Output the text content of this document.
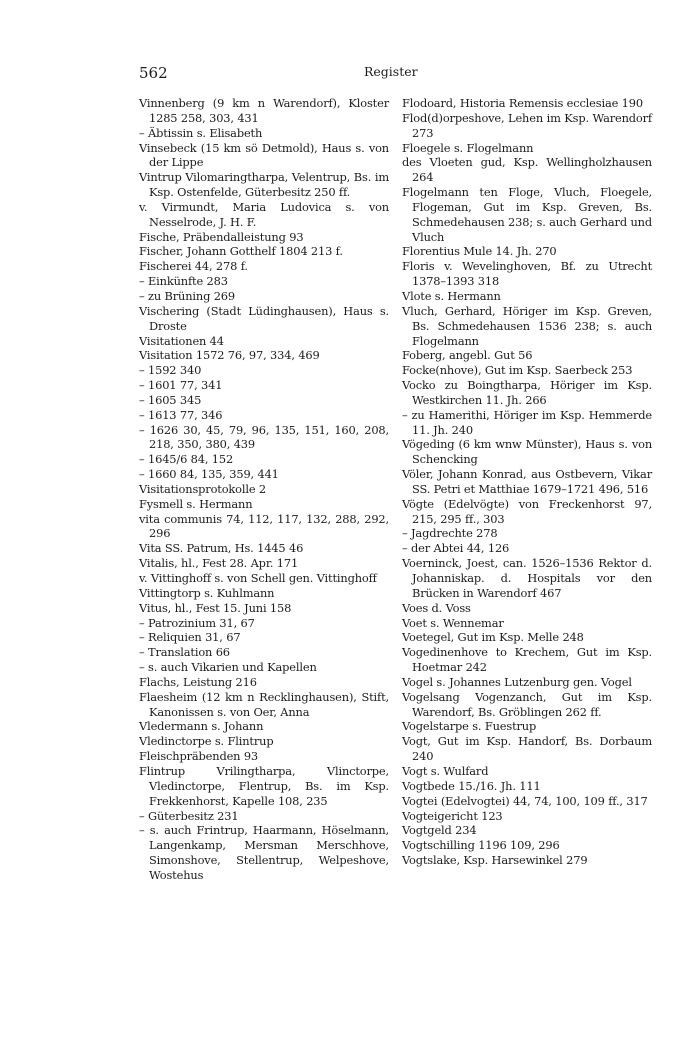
562	Register
Vinnenberg (9 km n Warendorf), Kloster 1285 258, 303, 431
– Äbtissin s. Elisabeth
Vinsebeck (15 km sö Detmold), Haus s. von der Lippe
Vintrup Vilomaringtharpa, Velentrup, Bs. im Ksp. Ostenfelde, Güterbesitz 250 ff.
v. Virmundt, Maria Ludovica s. von Nesselrode, J. H. F.
Fische, Präbendalleistung 93
Fischer, Johann Gotthelf 1804 213 f.
Fischerei 44, 278 f.
– Einkünfte 283
– zu Brüning 269
Vischering (Stadt Lüdinghausen), Haus s. Droste
Visitationen 44
Visitation 1572 76, 97, 334, 469
– 1592 340
– 1601 77, 341
– 1605 345
– 1613 77, 346
– 1626 30, 45, 79, 96, 135, 151, 160, 208, 218, 350, 380, 439
– 1645/6 84, 152
– 1660 84, 135, 359, 441
Visitationsprotokolle 2
Fysmell s. Hermann
vita communis 74, 112, 117, 132, 288, 292, 296
Vita SS. Patrum, Hs. 1445 46
Vitalis, hl., Fest 28. Apr. 171
v. Vittinghoff s. von Schell gen. Vittinghoff
Vittingtorp s. Kuhlmann
Vitus, hl., Fest 15. Juni 158
– Patrozinium 31, 67
– Reliquien 31, 67
– Translation 66
– s. auch Vikarien und Kapellen
Flachs, Leistung 216
Flaesheim (12 km n Recklinghausen), Stift, Kanonissen s. von Oer, Anna
Vledermann s. Johann
Vledinctorpe s. Flintrup
Fleischpräbenden 93
Flintrup Vrilingtharpa, Vlinctorpe, Vledinctorpe, Flentrup, Bs. im Ksp. Frekkenhorst, Kapelle 108, 235
– Güterbesitz 231
– s. auch Frintrup, Haarmann, Höselmann, Langenkamp, Mersman Merschhove, Simonshove, Stellentrup, Welpeshove, Wostehus
Flodoard, Historia Remensis ecclesiae 190
Flod(d)orpeshove, Lehen im Ksp. Warendorf 273
Floegele s. Flogelmann
des Vloeten gud, Ksp. Wellingholzhausen 264
Flogelmann ten Floge, Vluch, Floegele, Flogeman, Gut im Ksp. Greven, Bs. Schmedehausen 238; s. auch Gerhard und Vluch
Florentius Mule 14. Jh. 270
Floris v. Wevelinghoven, Bf. zu Utrecht 1378–1393 318
Vlote s. Hermann
Vluch, Gerhard, Höriger im Ksp. Greven, Bs. Schmedehausen 1536 238; s. auch Flogelmann
Foberg, angebl. Gut 56
Focke(nhove), Gut im Ksp. Saerbeck 253
Vocko zu Boingtharpa, Höriger im Ksp. Westkirchen 11. Jh. 266
– zu Hamerithi, Höriger im Ksp. Hemmerde 11. Jh. 240
Vögeding (6 km wnw Münster), Haus s. von Schencking
Völer, Johann Konrad, aus Ostbevern, Vikar SS. Petri et Matthiae 1679–1721 496, 516
Vögte (Edelvögte) von Freckenhorst 97, 215, 295 ff., 303
– Jagdrechte 278
– der Abtei 44, 126
Voerninck, Joest, can. 1526–1536 Rektor d. Johanniskap. d. Hospitals vor den Brücken in Warendorf 467
Voes d. Voss
Voet s. Wennemar
Voetegel, Gut im Ksp. Melle 248
Vogedinenhove to Krechem, Gut im Ksp. Hoetmar 242
Vogel s. Johannes Lutzenburg gen. Vogel
Vogelsang Vogenzanch, Gut im Ksp. Warendorf, Bs. Gröblingen 262 ff.
Vogelstarpe s. Fuestrup
Vogt, Gut im Ksp. Handorf, Bs. Dorbaum 240
Vogt s. Wulfard
Vogtbede 15./16. Jh. 111
Vogtei (Edelvogtei) 44, 74, 100, 109 ff., 317
Vogteigericht 123
Vogtgeld 234
Vogtschilling 1196 109, 296
Vogtslake, Ksp. Harsewinkel 279
